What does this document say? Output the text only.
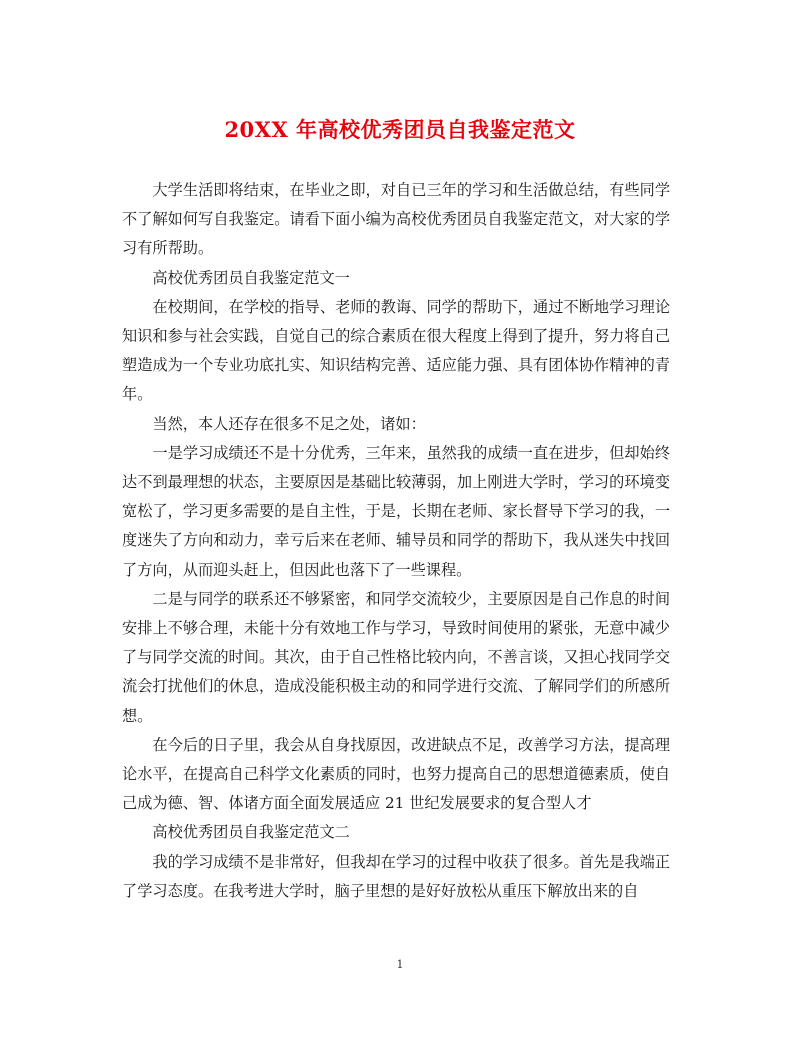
20XX 年高校优秀团员自我鉴定范文

大学生活即将结束，在毕业之即，对自已三年的学习和生活做总结，有些同学不了解如何写自我鉴定。请看下面小编为高校优秀团员自我鉴定范文，对大家的学习有所帮助。

高校优秀团员自我鉴定范文一

在校期间，在学校的指导、老师的教诲、同学的帮助下，通过不断地学习理论知识和参与社会实践，自觉自己的综合素质在很大程度上得到了提升，努力将自己塑造成为一个专业功底扎实、知识结构完善、适应能力强、具有团体协作精神的青年。

当然，本人还存在很多不足之处，诸如：

一是学习成绩还不是十分优秀，三年来，虽然我的成绩一直在进步，但却始终达不到最理想的状态，主要原因是基础比较薄弱，加上刚进大学时，学习的环境变宽松了，学习更多需要的是自主性，于是，长期在老师、家长督导下学习的我，一度迷失了方向和动力，幸亏后来在老师、辅导员和同学的帮助下，我从迷失中找回了方向，从而迎头赶上，但因此也落下了一些课程。

二是与同学的联系还不够紧密，和同学交流较少，主要原因是自己作息的时间安排上不够合理，未能十分有效地工作与学习，导致时间使用的紧张，无意中减少了与同学交流的时间。其次，由于自己性格比较内向，不善言谈，又担心找同学交流会打扰他们的休息，造成没能积极主动的和同学进行交流、了解同学们的所感所想。

在今后的日子里，我会从自身找原因，改进缺点不足，改善学习方法，提高理论水平，在提高自己科学文化素质的同时，也努力提高自己的思想道德素质，使自己成为德、智、体诸方面全面发展适应 21 世纪发展要求的复合型人才

高校优秀团员自我鉴定范文二

我的学习成绩不是非常好，但我却在学习的过程中收获了很多。首先是我端正了学习态度。在我考进大学时，脑子里想的是好好放松从重压下解放出来的自

1
